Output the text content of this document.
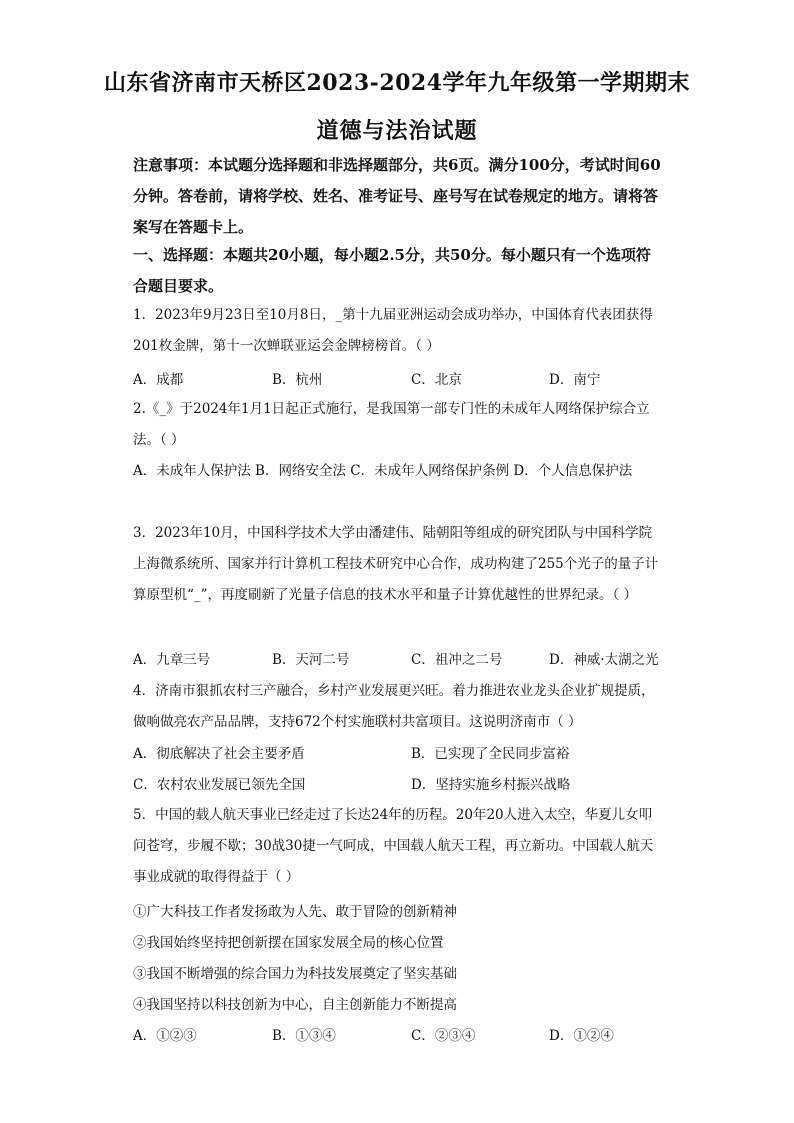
山东省济南市天桥区2023-2024学年九年级第一学期期末
道德与法治试题
注意事项：本试题分选择题和非选择题部分，共6页。满分100分，考试时间60分钟。答卷前，请将学校、姓名、准考证号、座号写在试卷规定的地方。请将答案写在答题卡上。
一、选择题：本题共20小题，每小题2.5分，共50分。每小题只有一个选项符合题目要求。
1．2023年9月23日至10月8日，_第十九届亚洲运动会成功举办，中国体育代表团获得201枚金牌，第十一次蝉联亚运会金牌榜榜首。（ ）
A．成都	B．杭州	C．北京	D．南宁
2.《_》于2024年1月1日起正式施行，是我国第一部专门性的未成年人网络保护综合立法。（ ）
A．未成年人保护法 B．网络安全法 C．未成年人网络保护条例 D．个人信息保护法
3．2023年10月，中国科学技术大学由潘建伟、陆朝阳等组成的研究团队与中国科学院上海微系统所、国家并行计算机工程技术研究中心合作，成功构建了255个光子的量子计算原型机“_”，再度刷新了光量子信息的技术水平和量子计算优越性的世界纪录。（ ）
A．九章三号	B．天河二号	C．祖冲之二号	D．神威·太湖之光
4．济南市狠抓农村三产融合，乡村产业发展更兴旺。着力推进农业龙头企业扩规提质，做响做亮农产品品牌，支持672个村实施联村共富项目。这说明济南市（ ）
A．彻底解决了社会主要矛盾	B．已实现了全民同步富裕
C．农村农业发展已领先全国	D．坚持实施乡村振兴战略
5．中国的载人航天事业已经走过了长达24年的历程。20年20人进入太空，华夏儿女叩问苍穹，步履不歇；30战30捷一气呵成，中国载人航天工程，再立新功。中国载人航天事业成就的取得得益于（ ）
①广大科技工作者发扬敢为人先、敢于冒险的创新精神
②我国始终坚持把创新摆在国家发展全局的核心位置
③我国不断增强的综合国力为科技发展奠定了坚实基础
④我国坚持以科技创新为中心，自主创新能力不断提高
A．①②③	B．①③④	C．②③④	D．①②④
